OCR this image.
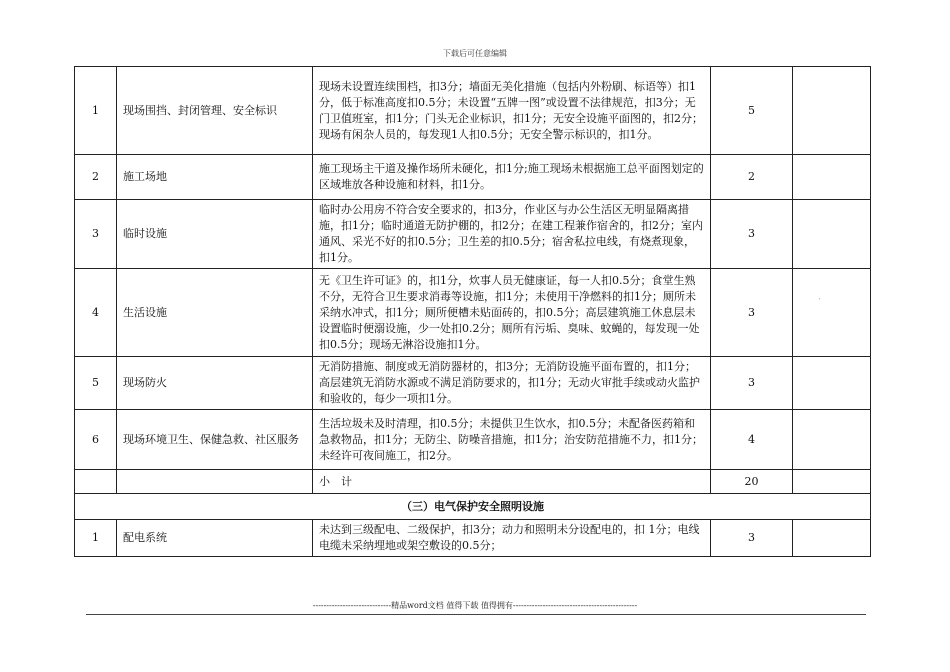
下载后可任意编辑
1	现场围挡、封闭管理、安全标识	现场未设置连续围档，扣3分；墙面无美化措施（包括内外粉刷、标语等）扣1分，低于标准高度扣0.5分；未设置“五牌一图”或设置不法律规范，扣3分；无门卫值班室，扣1分；门头无企业标识，扣1分；无安全设施平面图的，扣2分；现场有闲杂人员的，每发现1人扣0.5分；无安全警示标识的，扣1分。	5	
2	施工场地	施工现场主干道及操作场所未硬化，扣1分;施工现场未根据施工总平面图划定的区域堆放各种设施和材料，扣1分。	2	
3	临时设施	临时办公用房不符合安全要求的，扣3分，作业区与办公生活区无明显隔离措施，扣1分；临时通道无防护棚的，扣2分；在建工程兼作宿舍的，扣2分；室内通风、采光不好的扣0.5分；卫生差的扣0.5分；宿舍私拉电线，有烧煮现象，扣1分。	3	
4	生活设施	无《卫生许可证》的，扣1分，炊事人员无健康证，每一人扣0.5分；食堂生熟不分，无符合卫生要求消毒等设施，扣1分；未使用干净燃料的扣1分；厕所未采纳水冲式，扣1分；厕所便槽未贴面砖的，扣0.5分；高层建筑施工休息层未设置临时便溺设施，少一处扣0.2分；厕所有污垢、臭味、蚊蝇的，每发现一处扣0.5分；现场无淋浴设施扣1分。	3	
5	现场防火	无消防措施、制度或无消防器材的，扣3分；无消防设施平面布置的，扣1分；高层建筑无消防水源或不满足消防要求的，扣1分；无动火审批手续或动火监护和验收的，每少一项扣1分。	3	
6	现场环境卫生、保健急救、社区服务	生活垃圾未及时清理，扣0.5分；未提供卫生饮水，扣0.5分；未配备医药箱和急救物品，扣1分；无防尘、防噪音措施，扣1分；治安防范措施不力，扣1分；未经许可夜间施工，扣2分。	4	
		小　计	20	
（三）电气保护安全照明设施				
1	配电系统	未达到三级配电、二级保护，扣3分；动力和照明未分设配电的，扣 1分；电线电缆未采纳埋地或架空敷设的0.5分；	3	
`
-----------------------------精品word文档 值得下载 值得拥有----------------------------------------------
